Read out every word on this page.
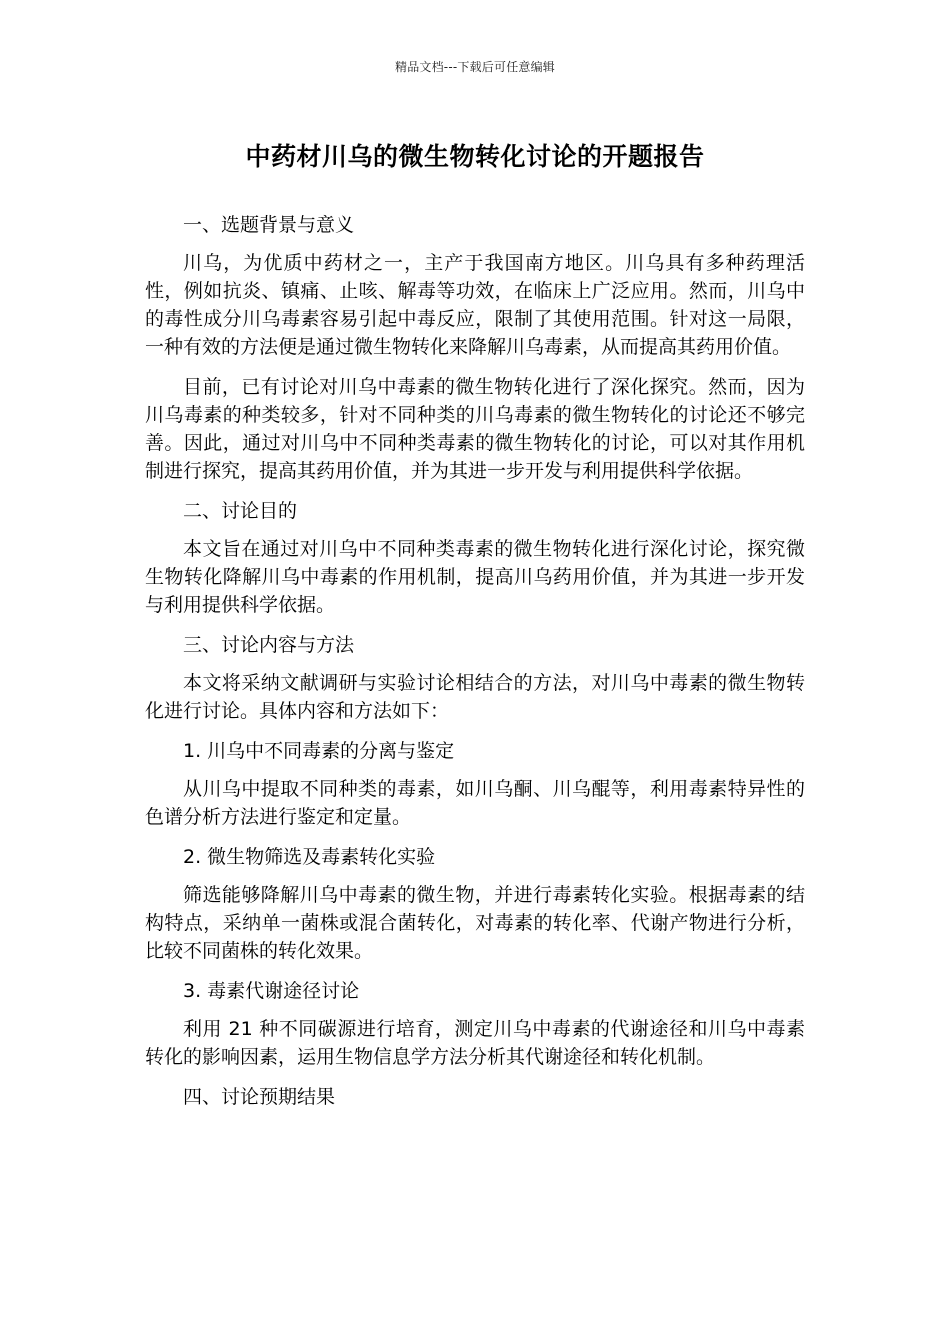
精品文档---下载后可任意编辑
中药材川乌的微生物转化讨论的开题报告

一、选题背景与意义

川乌，为优质中药材之一，主产于我国南方地区。川乌具有多种药理活性，例如抗炎、镇痛、止咳、解毒等功效，在临床上广泛应用。然而，川乌中的毒性成分川乌毒素容易引起中毒反应，限制了其使用范围。针对这一局限，一种有效的方法便是通过微生物转化来降解川乌毒素，从而提高其药用价值。

目前，已有讨论对川乌中毒素的微生物转化进行了深化探究。然而，因为川乌毒素的种类较多，针对不同种类的川乌毒素的微生物转化的讨论还不够完善。因此，通过对川乌中不同种类毒素的微生物转化的讨论，可以对其作用机制进行探究，提高其药用价值，并为其进一步开发与利用提供科学依据。

二、讨论目的

本文旨在通过对川乌中不同种类毒素的微生物转化进行深化讨论，探究微生物转化降解川乌中毒素的作用机制，提高川乌药用价值，并为其进一步开发与利用提供科学依据。

三、讨论内容与方法

本文将采纳文献调研与实验讨论相结合的方法，对川乌中毒素的微生物转化进行讨论。具体内容和方法如下：

1. 川乌中不同毒素的分离与鉴定

从川乌中提取不同种类的毒素，如川乌酮、川乌醌等，利用毒素特异性的色谱分析方法进行鉴定和定量。

2. 微生物筛选及毒素转化实验

筛选能够降解川乌中毒素的微生物，并进行毒素转化实验。根据毒素的结构特点，采纳单一菌株或混合菌转化，对毒素的转化率、代谢产物进行分析，比较不同菌株的转化效果。

3. 毒素代谢途径讨论

利用 21 种不同碳源进行培育，测定川乌中毒素的代谢途径和川乌中毒素转化的影响因素，运用生物信息学方法分析其代谢途径和转化机制。

四、讨论预期结果
